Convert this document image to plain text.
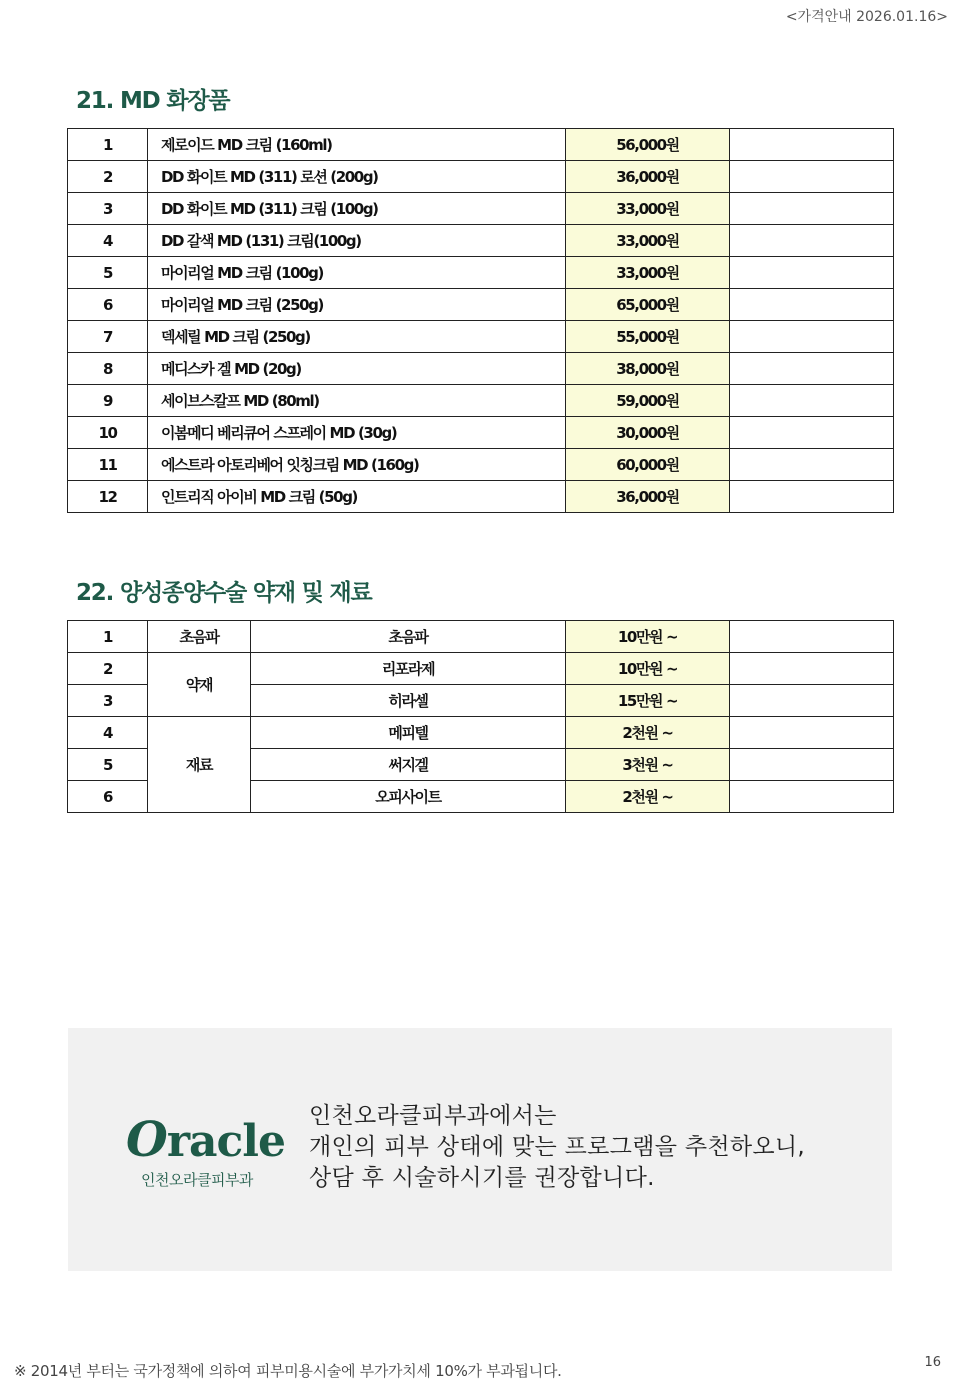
<가격안내 2026.01.16>
21. MD 화장품
1	제로이드 MD 크림 (160ml)	56,000원	
2	DD 화이트 MD (311) 로션 (200g)	36,000원	
3	DD 화이트 MD (311) 크림 (100g)	33,000원	
4	DD 갈색 MD (131) 크림(100g)	33,000원	
5	마이리얼 MD 크림 (100g)	33,000원	
6	마이리얼 MD 크림 (250g)	65,000원	
7	덱세릴 MD 크림 (250g)	55,000원	
8	메디스카 겔 MD (20g)	38,000원	
9	세이브스칼프 MD (80ml)	59,000원	
10	이봄메디 베리큐어 스프레이 MD (30g)	30,000원	
11	에스트라 아토리베어 잇칭크림 MD (160g)	60,000원	
12	인트리직 아이비 MD 크림 (50g)	36,000원	
22. 양성종양수술 약재 및 재료
1	초음파	초음파	10만원 ~	
2	약재	리포라제	10만원 ~	
3		히라셀	15만원 ~	
4	재료	메피텔	2천원 ~	
5		써지겔	3천원 ~	
6		오피사이트	2천원 ~	
Oracle
인천오라클피부과
인천오라클피부과에서는
개인의 피부 상태에 맞는 프로그램을 추천하오니,
상담 후 시술하시기를 권장합니다.
※ 2014년 부터는 국가정책에 의하여 피부미용시술에 부가가치세 10%가 부과됩니다.	16
